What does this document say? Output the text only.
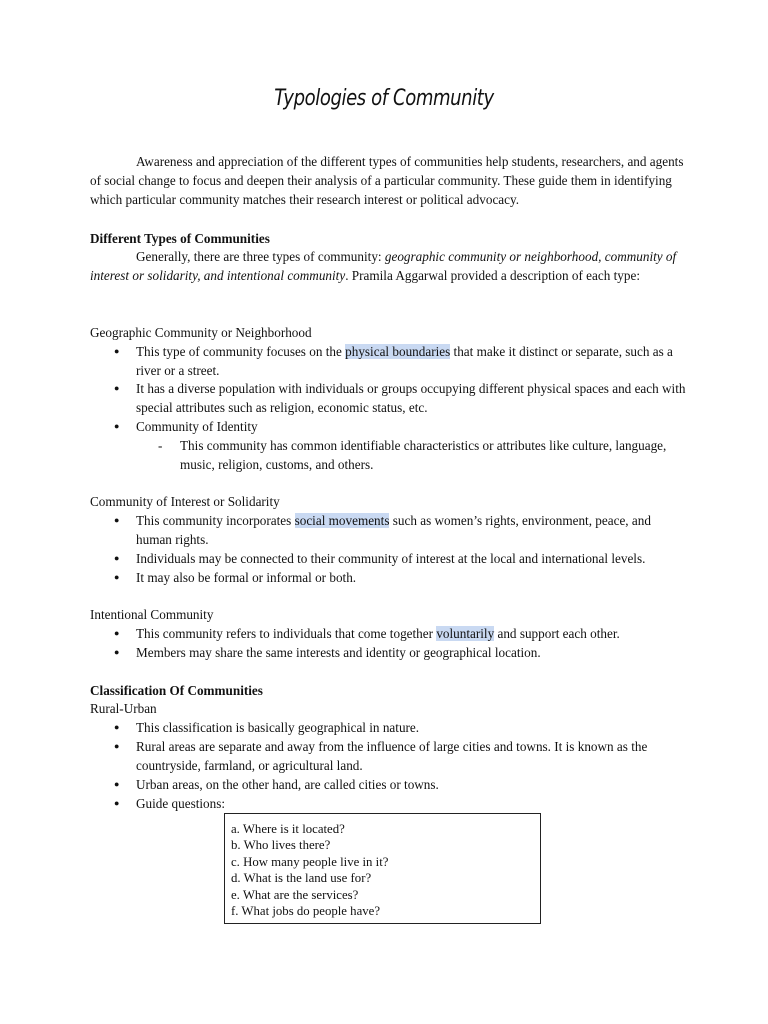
Typologies of Community
Awareness and appreciation of the different types of communities help students, researchers, and agents of social change to focus and deepen their analysis of a particular community. These guide them in identifying which particular community matches their research interest or political advocacy.
Different Types of Communities
Generally, there are three types of community: geographic community or neighborhood, community of interest or solidarity, and intentional community. Pramila Aggarwal provided a description of each type:
Geographic Community or Neighborhood
● This type of community focuses on the physical boundaries that make it distinct or separate, such as a river or a street.
● It has a diverse population with individuals or groups occupying different physical spaces and each with special attributes such as religion, economic status, etc.
● Community of Identity
- This community has common identifiable characteristics or attributes like culture, language, music, religion, customs, and others.
Community of Interest or Solidarity
● This community incorporates social movements such as women’s rights, environment, peace, and human rights.
● Individuals may be connected to their community of interest at the local and international levels.
● It may also be formal or informal or both.
Intentional Community
● This community refers to individuals that come together voluntarily and support each other.
● Members may share the same interests and identity or geographical location.
Classification Of Communities
Rural-Urban
● This classification is basically geographical in nature.
● Rural areas are separate and away from the influence of large cities and towns. It is known as the countryside, farmland, or agricultural land.
● Urban areas, on the other hand, are called cities or towns.
● Guide questions:
a. Where is it located?
b. Who lives there?
c. How many people live in it?
d. What is the land use for?
e. What are the services?
f. What jobs do people have?
